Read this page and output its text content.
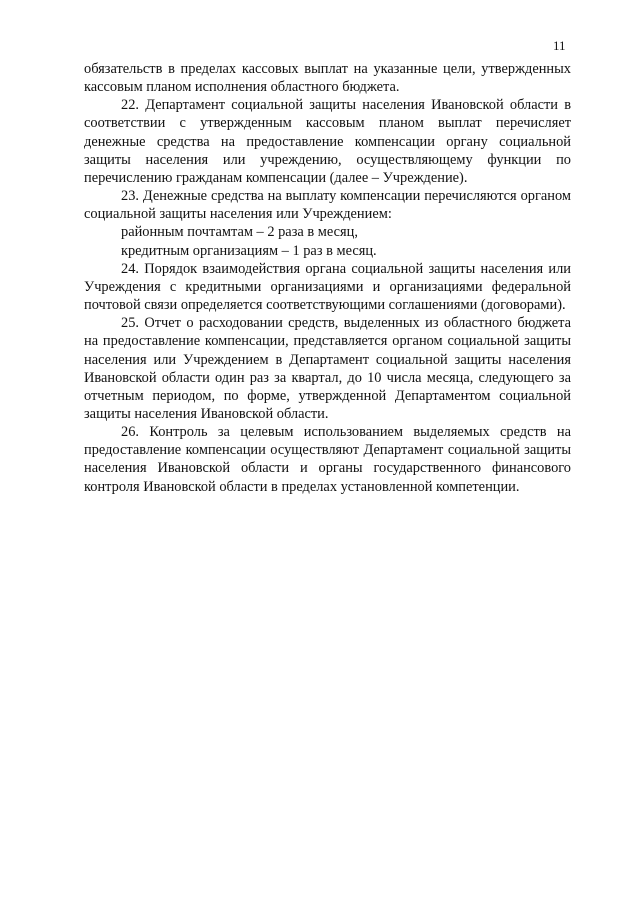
11

обязательств в пределах кассовых выплат на указанные цели, утвержденных кассовым планом исполнения областного бюджета.

22. Департамент социальной защиты населения Ивановской области в соответствии с утвержденным кассовым планом выплат перечисляет денежные средства на предоставление компенсации органу социальной защиты населения или учреждению, осуществляющему функции по перечислению гражданам компенсации (далее – Учреждение).

23. Денежные средства на выплату компенсации перечисляются органом социальной защиты населения или Учреждением:

районным почтамтам – 2 раза в месяц,

кредитным организациям – 1 раз в месяц.

24. Порядок взаимодействия органа социальной защиты населения или Учреждения с кредитными организациями и организациями федеральной почтовой связи определяется соответствующими соглашениями (договорами).

25. Отчет о расходовании средств, выделенных из областного бюджета на предоставление компенсации, представляется органом социальной защиты населения или Учреждением в Департамент социальной защиты населения Ивановской области один раз за квартал, до 10 числа месяца, следующего за отчетным периодом, по форме, утвержденной Департаментом социальной защиты населения Ивановской области.

26. Контроль за целевым использованием выделяемых средств на предоставление компенсации осуществляют Департамент социальной защиты населения Ивановской области и органы государственного финансового контроля Ивановской области в пределах установленной компетенции.
